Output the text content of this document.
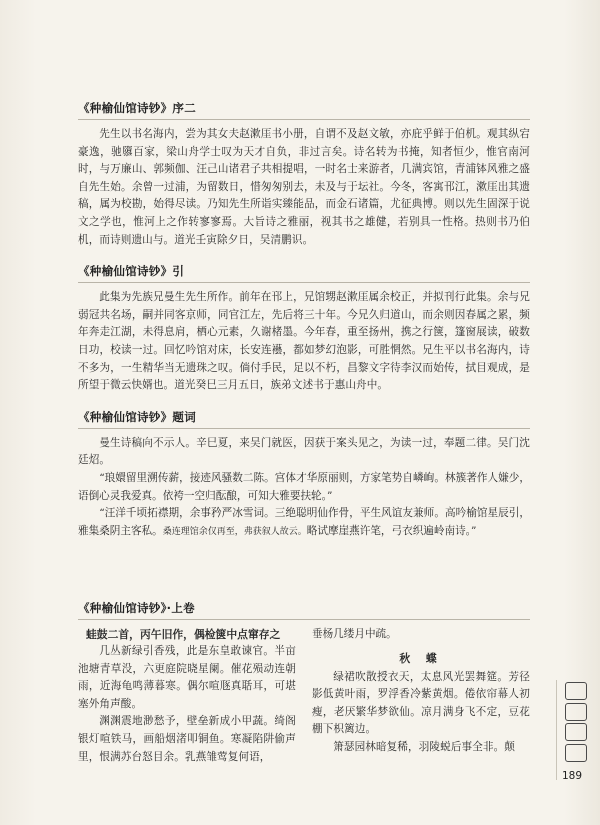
《种榆仙馆诗钞》序二

先生以书名海内，尝为其女夫赵漱厓书小册，自谓不及赵文敏，亦庇乎鲜于伯机。观其纵宕豪逸，驰隳百家，梁山舟学士叹为天才自负，非过言矣。诗名转为书掩，知者恒少，惟官南河时，与万廉山、郭频伽、汪己山诸君子共相提唱，一时名士来游者，几满宾馆，青浦钵风雅之盛自先生始。余曾一过浦，为留数日，惜匆匆别去，未及与于坛社。今冬，客寓邗江，漱厓出其遗稿，属为校勘，始得尽读。乃知先生所诣实臻能品，而金石诸篇，尤征典博。则以先生固深于说文之学也，惟河上之作转寥寥焉。大旨诗之雅丽，视其书之雄健，若别具一性格。热则书乃伯机，而诗则遗山与。道光壬寅除夕日，吴清鹏识。

《种榆仙馆诗钞》引

此集为先族兄曼生先生所作。前年在邗上，兄馆甥赵漱厓属余校正，并拟刊行此集。余与兄弱冠共名场，嗣并同客京师，同官江左，先后将三十年。今兄久归道山，而余则因春属之累，频年奔走江湖，未得息肩，栖心元素，久谢楮墨。今年春，重至扬州，携之行箧，篷窗展读，破数日功，校读一过。回忆吟馆对床，长安连襼，都如梦幻泡影，可胜惘然。兄生平以书名海内，诗不多为，一生精华当无遗珠之叹。倘付手民，足以不朽，昌黎文字待李汉而始传，拭目观成，是所望于微云快婿也。道光癸巳三月五日，族弟文述书于惠山舟中。

《种榆仙馆诗钞》题词

曼生诗稿向不示人。辛巳夏，来吴门就医，因获于案头见之，为读一过，奉题二律。吴门沈廷炤。

“琅嬛留里溯传薪，接迹风骚数二陈。宫体才华原丽则，方家笔势自嶙峋。林簇著作人嫌少，语倒心灵我爱真。依袴一空归酝酿，可知大雅要扶轮。”

“汪洋千顷拓襟期，余事矜严冰雪词。三绝聪明仙作骨，平生风谊友兼师。高吟榆馆星辰引，雅集桑阴主客私。桑连理馆余仅再至，弗获叙人故云。略试摩崖燕许笔，弓衣织遍岭南诗。”

《种榆仙馆诗钞》·上卷
蛙鼓二首，丙午旧作，偶检箧中点窜存之

几丛新绿引香残，此是东皇敢谏官。半亩池塘青草没，六更庭院晓星阑。催花殒动连朝雨，近海龟鸣薄暮寒。偶尔喧豗真聒耳，可堪塞外角声酸。

渊渊震地渺愁予，壁垒新成小甲蔬。绮阁银灯喧铁马，画船烟渚叩铜鱼。寒凝陷阱偷声里，恨满苏台怒目余。乳燕雏莺复何语，

垂杨几缕月中疏。

秋 蝶

绿裙吹散授衣天，太息风光罢舞筵。芳径影低黄叶雨，罗浮香冷紫黄烟。倦依帘幕人初瘦，老厌繁华梦欲仙。凉月满身飞不定，豆花棚下枳篱边。

箫瑟园林暗复稀，羽陵蜕后事全非。颠

189
